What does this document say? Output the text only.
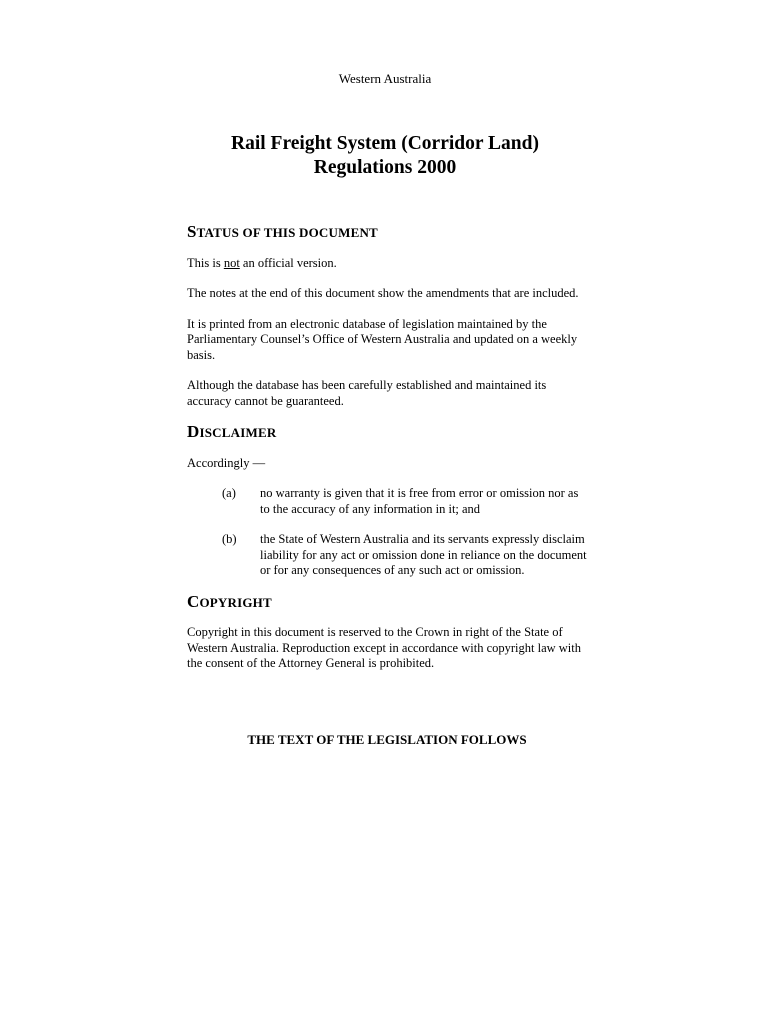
Western Australia
Rail Freight System (Corridor Land)
Regulations 2000
STATUS OF THIS DOCUMENT
This is not an official version.
The notes at the end of this document show the amendments that are included.
It is printed from an electronic database of legislation maintained by the Parliamentary Counsel’s Office of Western Australia and updated on a weekly basis.
Although the database has been carefully established and maintained its accuracy cannot be guaranteed.
DISCLAIMER
Accordingly —
(a) no warranty is given that it is free from error or omission nor as to the accuracy of any information in it; and
(b) the State of Western Australia and its servants expressly disclaim liability for any act or omission done in reliance on the document or for any consequences of any such act or omission.
COPYRIGHT
Copyright in this document is reserved to the Crown in right of the State of Western Australia. Reproduction except in accordance with copyright law with the consent of the Attorney General is prohibited.
THE TEXT OF THE LEGISLATION FOLLOWS
